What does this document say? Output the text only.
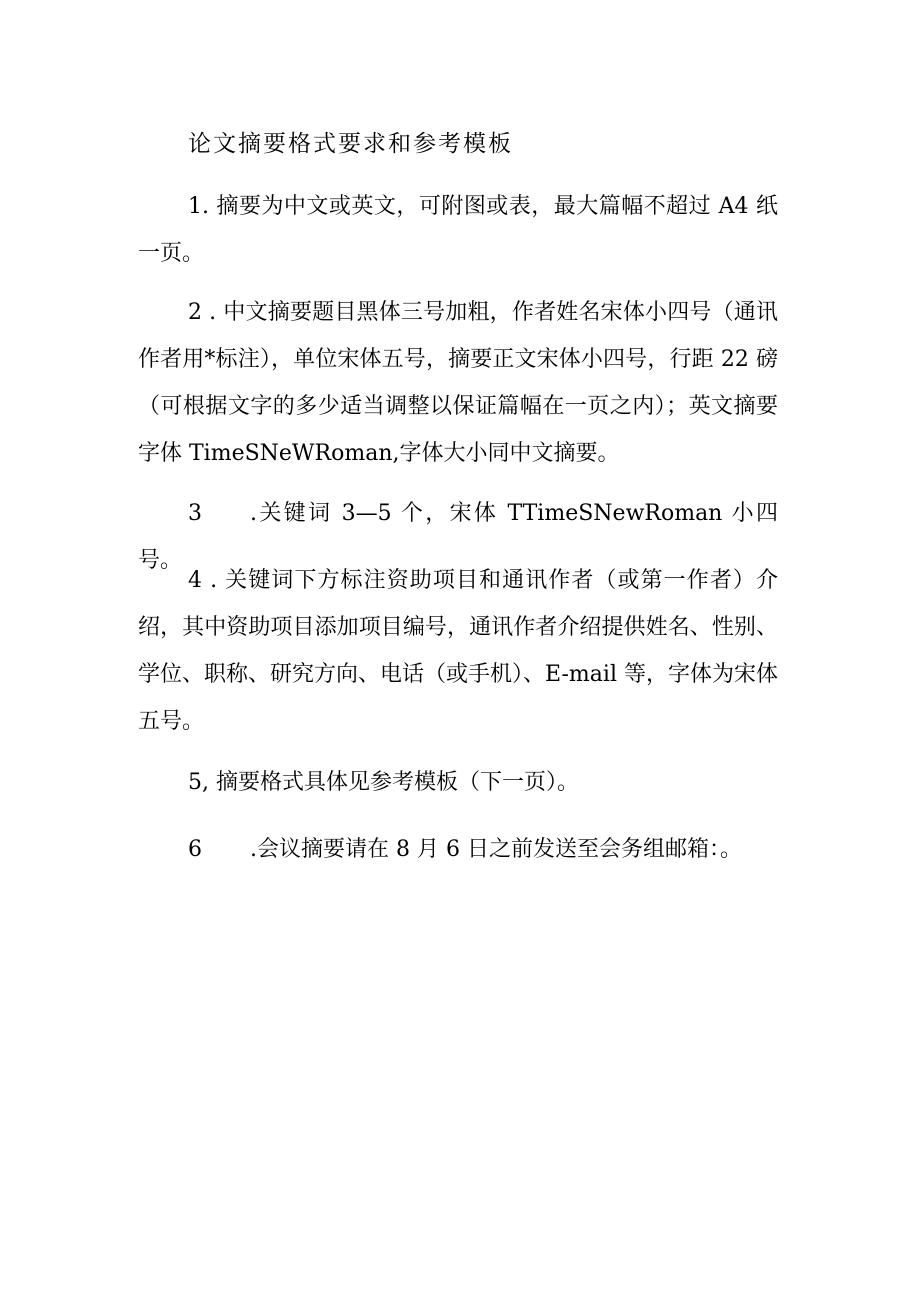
论文摘要格式要求和参考模板

1. 摘要为中文或英文，可附图或表，最大篇幅不超过 A4 纸一页。

2 . 中文摘要题目黑体三号加粗，作者姓名宋体小四号（通讯作者用*标注），单位宋体五号，摘要正文宋体小四号，行距 22 磅（可根据文字的多少适当调整以保证篇幅在一页之内）；英文摘要字体 TimeSNeWRoman,字体大小同中文摘要。

3 .关键词 3—5 个，宋体 TTimeSNewRoman 小四号。

4 . 关键词下方标注资助项目和通讯作者（或第一作者）介绍，其中资助项目添加项目编号，通讯作者介绍提供姓名、性别、学位、职称、研究方向、电话（或手机）、E-mail 等，字体为宋体五号。

5, 摘要格式具体见参考模板（下一页）。

6 .会议摘要请在 8 月 6 日之前发送至会务组邮箱：。
